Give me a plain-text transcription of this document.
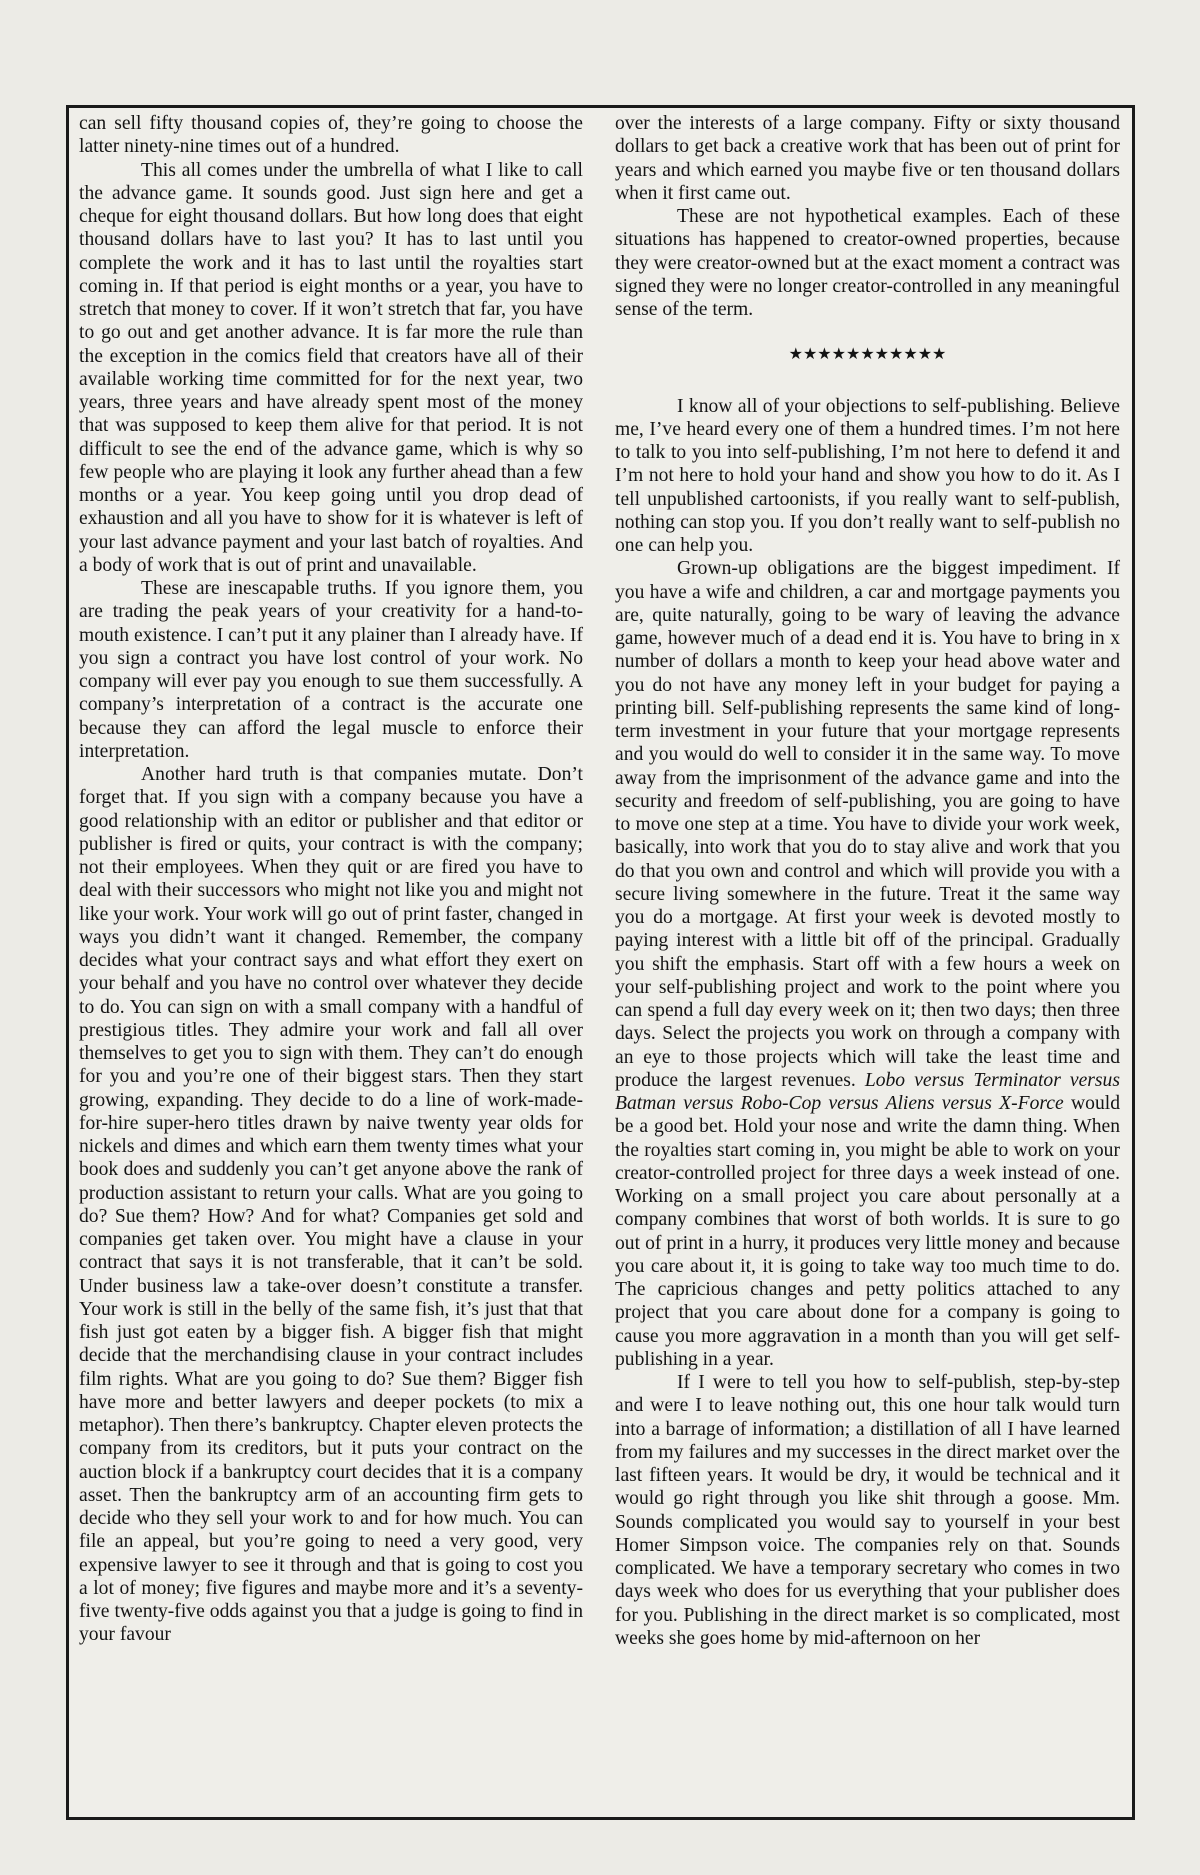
can sell fifty thousand copies of, they’re going to choose the latter ninety-nine times out of a hundred.

This all comes under the umbrella of what I like to call the advance game. It sounds good. Just sign here and get a cheque for eight thousand dollars. But how long does that eight thousand dollars have to last you? It has to last until you complete the work and it has to last until the royalties start coming in. If that period is eight months or a year, you have to stretch that money to cover. If it won’t stretch that far, you have to go out and get another advance. It is far more the rule than the exception in the comics field that creators have all of their available working time committed for for the next year, two years, three years and have already spent most of the money that was supposed to keep them alive for that period. It is not difficult to see the end of the advance game, which is why so few people who are playing it look any further ahead than a few months or a year. You keep going until you drop dead of exhaustion and all you have to show for it is whatever is left of your last advance payment and your last batch of royalties. And a body of work that is out of print and unavailable.

These are inescapable truths. If you ignore them, you are trading the peak years of your creativity for a hand-to-mouth existence. I can’t put it any plainer than I already have. If you sign a contract you have lost control of your work. No company will ever pay you enough to sue them successfully. A company’s interpretation of a contract is the accurate one because they can afford the legal muscle to enforce their interpretation.

Another hard truth is that companies mutate. Don’t forget that. If you sign with a company because you have a good relationship with an editor or publisher and that editor or publisher is fired or quits, your contract is with the company; not their employees. When they quit or are fired you have to deal with their successors who might not like you and might not like your work. Your work will go out of print faster, changed in ways you didn’t want it changed. Remember, the company decides what your contract says and what effort they exert on your behalf and you have no control over whatever they decide to do. You can sign on with a small company with a handful of prestigious titles. They admire your work and fall all over themselves to get you to sign with them. They can’t do enough for you and you’re one of their biggest stars. Then they start growing, expanding. They decide to do a line of work-made-for-hire super-hero titles drawn by naive twenty year olds for nickels and dimes and which earn them twenty times what your book does and suddenly you can’t get anyone above the rank of production assistant to return your calls. What are you going to do? Sue them? How? And for what? Companies get sold and companies get taken over. You might have a clause in your contract that says it is not transferable, that it can’t be sold. Under business law a take-over doesn’t constitute a transfer. Your work is still in the belly of the same fish, it’s just that that fish just got eaten by a bigger fish. A bigger fish that might decide that the merchandising clause in your contract includes film rights. What are you going to do? Sue them? Bigger fish have more and better lawyers and deeper pockets (to mix a metaphor). Then there’s bankruptcy. Chapter eleven protects the company from its creditors, but it puts your contract on the auction block if a bankruptcy court decides that it is a company asset. Then the bankruptcy arm of an accounting firm gets to decide who they sell your work to and for how much. You can file an appeal, but you’re going to need a very good, very expensive lawyer to see it through and that is going to cost you a lot of money; five figures and maybe more and it’s a seventy-five twenty-five odds against you that a judge is going to find in your favour

over the interests of a large company. Fifty or sixty thousand dollars to get back a creative work that has been out of print for years and which earned you maybe five or ten thousand dollars when it first came out.

These are not hypothetical examples. Each of these situations has happened to creator-owned properties, because they were creator-owned but at the exact moment a contract was signed they were no longer creator-controlled in any meaningful sense of the term.

★★★★★★★★★★★

I know all of your objections to self-publishing. Believe me, I’ve heard every one of them a hundred times. I’m not here to talk to you into self-publishing, I’m not here to defend it and I’m not here to hold your hand and show you how to do it. As I tell unpublished cartoonists, if you really want to self-publish, nothing can stop you. If you don’t really want to self-publish no one can help you.

Grown-up obligations are the biggest impediment. If you have a wife and children, a car and mortgage payments you are, quite naturally, going to be wary of leaving the advance game, however much of a dead end it is. You have to bring in x number of dollars a month to keep your head above water and you do not have any money left in your budget for paying a printing bill. Self-publishing represents the same kind of long-term investment in your future that your mortgage represents and you would do well to consider it in the same way. To move away from the imprisonment of the advance game and into the security and freedom of self-publishing, you are going to have to move one step at a time. You have to divide your work week, basically, into work that you do to stay alive and work that you do that you own and control and which will provide you with a secure living somewhere in the future. Treat it the same way you do a mortgage. At first your week is devoted mostly to paying interest with a little bit off of the principal. Gradually you shift the emphasis. Start off with a few hours a week on your self-publishing project and work to the point where you can spend a full day every week on it; then two days; then three days. Select the projects you work on through a company with an eye to those projects which will take the least time and produce the largest revenues. Lobo versus Terminator versus Batman versus Robo-Cop versus Aliens versus X-Force would be a good bet. Hold your nose and write the damn thing. When the royalties start coming in, you might be able to work on your creator-controlled project for three days a week instead of one. Working on a small project you care about personally at a company combines that worst of both worlds. It is sure to go out of print in a hurry, it produces very little money and because you care about it, it is going to take way too much time to do. The capricious changes and petty politics attached to any project that you care about done for a company is going to cause you more aggravation in a month than you will get self-publishing in a year.

If I were to tell you how to self-publish, step-by-step and were I to leave nothing out, this one hour talk would turn into a barrage of information; a distillation of all I have learned from my failures and my successes in the direct market over the last fifteen years. It would be dry, it would be technical and it would go right through you like shit through a goose. Mm. Sounds complicated you would say to yourself in your best Homer Simpson voice. The companies rely on that. Sounds complicated. We have a temporary secretary who comes in two days week who does for us everything that your publisher does for you. Publishing in the direct market is so complicated, most weeks she goes home by mid-afternoon on her
